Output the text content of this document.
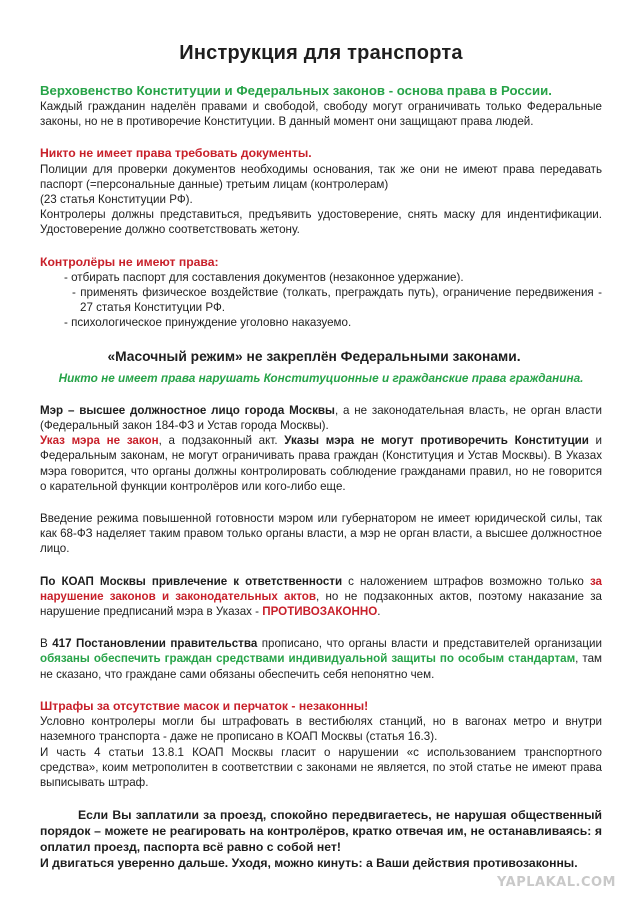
Инструкция для транспорта

Верховенство Конституции и Федеральных законов - основа права в России.

Каждый гражданин наделён правами и свободой, свободу могут ограничивать только Федеральные законы, но не в противоречие Конституции. В данный момент они защищают права людей.

Никто не имеет права требовать документы.

Полиции для проверки документов необходимы основания, так же они не имеют права передавать паспорт (=персональные данные) третьим лицам (контролерам)

(23 статья Конституции РФ).

Контролеры должны представиться, предъявить удостоверение, снять маску для индентификации. Удостоверение должно соответствовать жетону.

Контролёры не имеют права:

- отбирать паспорт для составления документов (незаконное удержание).
- применять физическое воздействие (толкать, преграждать путь), ограничение передвижения - 27 статья Конституции РФ.
- психологическое принуждение уголовно наказуемо.

«Масочный режим» не закреплён Федеральными законами.

Никто не имеет права нарушать Конституционные и гражданские права гражданина.

Мэр – высшее должностное лицо города Москвы, а не законодательная власть, не орган власти (Федеральный закон 184-ФЗ и Устав города Москвы).
Указ мэра не закон, а подзаконный акт. Указы мэра не могут противоречить Конституции и Федеральным законам, не могут ограничивать права граждан (Конституция и Устав Москвы). В Указах мэра говорится, что органы должны контролировать соблюдение гражданами правил, но не говорится о карательной функции контролёров или кого-либо еще.

Введение режима повышенной готовности мэром или губернатором не имеет юридической силы, так как 68-ФЗ наделяет таким правом только органы власти, а мэр не орган власти, а высшее должностное лицо.

По КОАП Москвы привлечение к ответственности с наложением штрафов возможно только за нарушение законов и законодательных актов, но не подзаконных актов, поэтому наказание за нарушение предписаний мэра в Указах - ПРОТИВОЗАКОННО.

В 417 Постановлении правительства прописано, что органы власти и представителей организации обязаны обеспечить граждан средствами индивидуальной защиты по особым стандартам, там не сказано, что граждане сами обязаны обеспечить себя непонятно чем.

Штрафы за отсутствие масок и перчаток - незаконны!

Условно контролеры могли бы штрафовать в вестибюлях станций, но в вагонах метро и внутри наземного транспорта - даже не прописано в КОАП Москвы (статья 16.3).

И часть 4 статьи 13.8.1 КОАП Москвы гласит о нарушении «с использованием транспортного средства», коим метрополитен в соответствии с законами не является, по этой статье не имеют права выписывать штраф.

Если Вы заплатили за проезд, спокойно передвигаетесь, не нарушая общественный порядок – можете не реагировать на контролёров, кратко отвечая им, не останавливаясь: я оплатил проезд, паспорта всё равно с собой нет!

И двигаться уверенно дальше. Уходя, можно кинуть: а Ваши действия противозаконны.

YAPLAKAL.COM
